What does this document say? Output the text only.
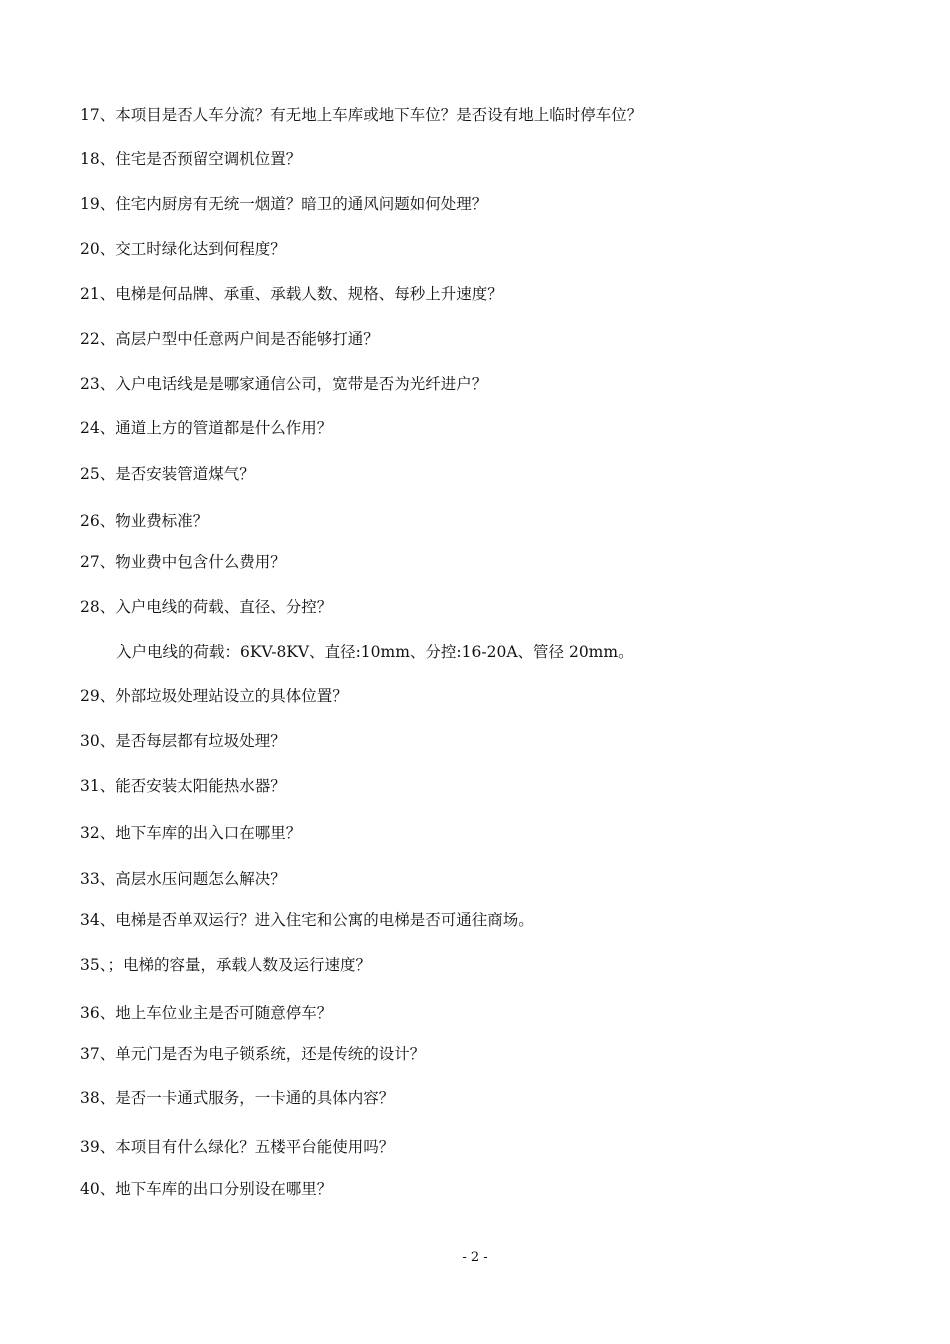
17、本项目是否人车分流？有无地上车库或地下车位？是否设有地上临时停车位？
18、住宅是否预留空调机位置？
19、住宅内厨房有无统一烟道？暗卫的通风问题如何处理？
20、交工时绿化达到何程度？
21、电梯是何品牌、承重、承载人数、规格、每秒上升速度？
22、高层户型中任意两户间是否能够打通？
23、入户电话线是是哪家通信公司，宽带是否为光纤进户？
24、通道上方的管道都是什么作用？
25、是否安装管道煤气？
26、物业费标准？
27、物业费中包含什么费用？
28、入户电线的荷载、直径、分控？
入户电线的荷载：6KV-8KV、直径:10mm、分控:16-20A、管径 20mm。
29、外部垃圾处理站设立的具体位置？
30、是否每层都有垃圾处理？
31、能否安装太阳能热水器？
32、地下车库的出入口在哪里？
33、高层水压问题怎么解决？
34、电梯是否单双运行？进入住宅和公寓的电梯是否可通往商场。
35、；电梯的容量，承载人数及运行速度？
36、地上车位业主是否可随意停车？
37、单元门是否为电子锁系统，还是传统的设计？
38、是否一卡通式服务，一卡通的具体内容？
39、本项目有什么绿化？五楼平台能使用吗？
40、地下车库的出口分别设在哪里？
- 2 -
